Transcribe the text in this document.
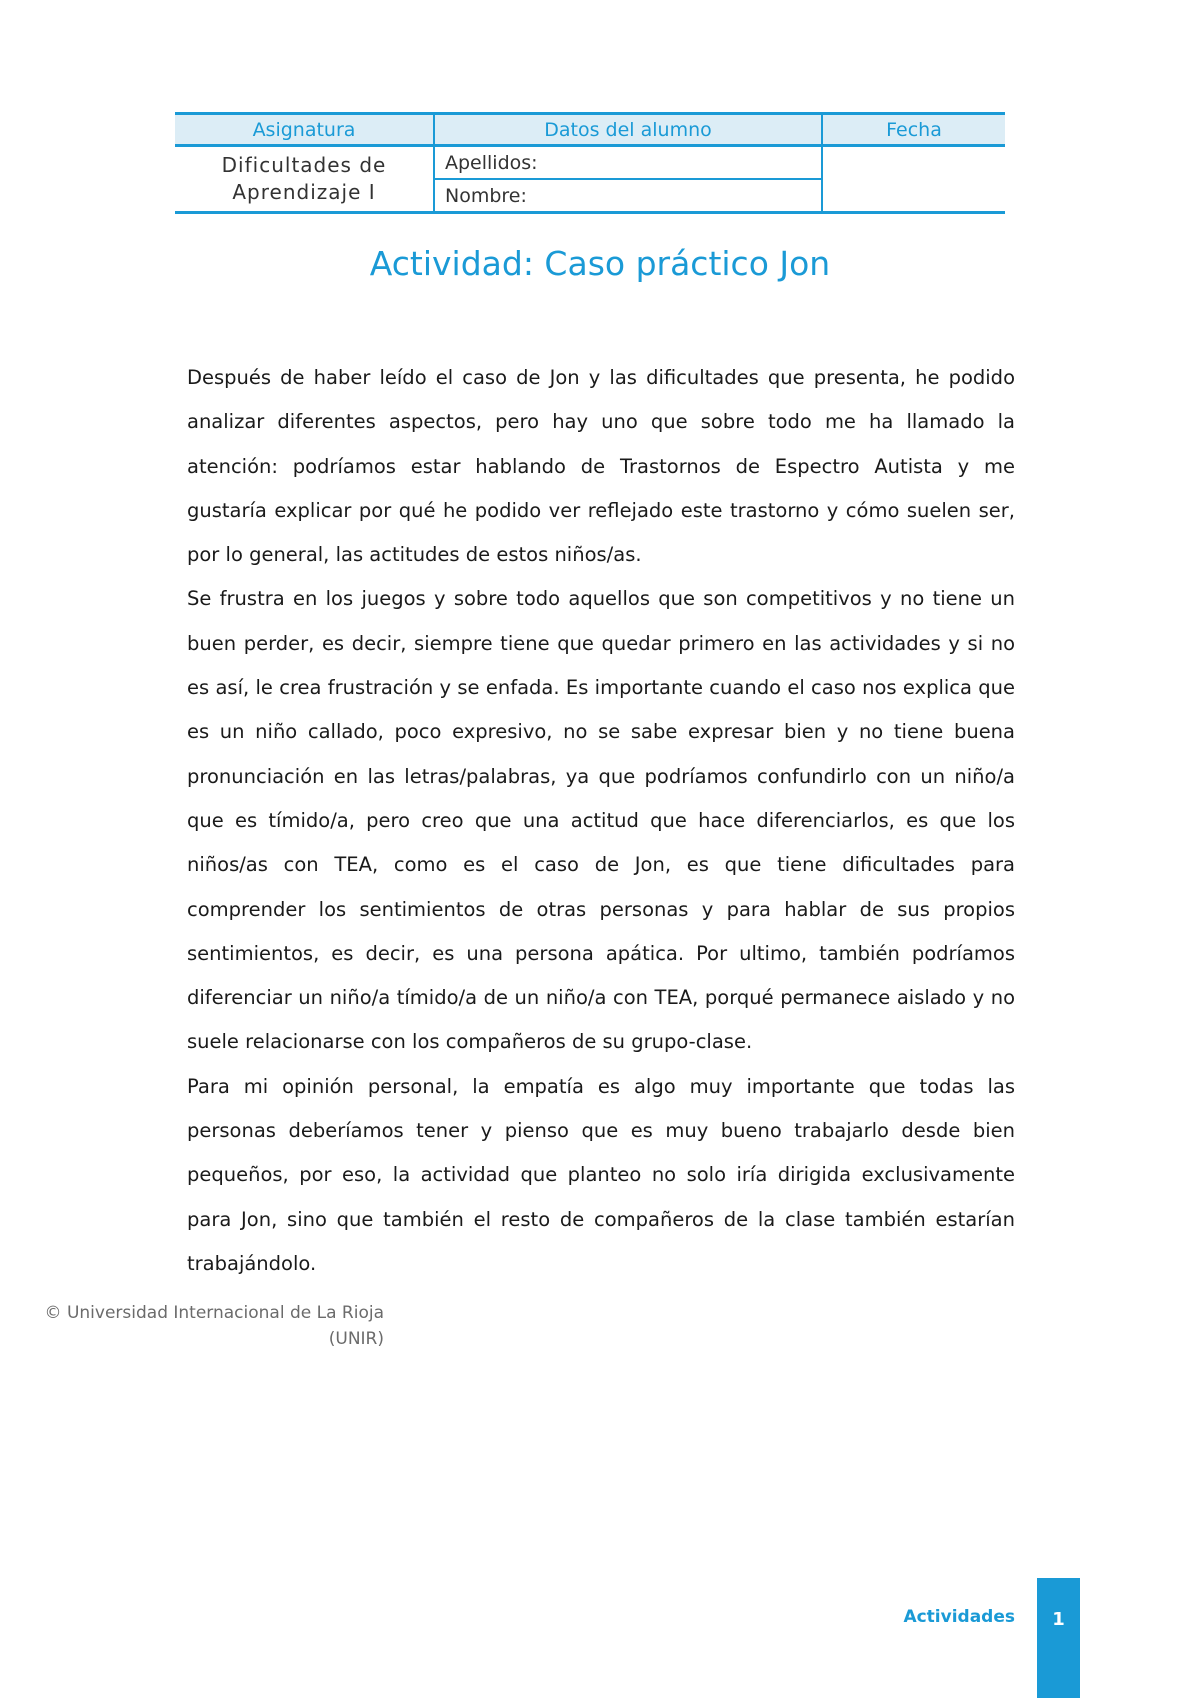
Asignatura	Datos del alumno	Fecha
Dificultades de
Aprendizaje I	Apellidos:	
	Nombre:	
Actividad: Caso práctico Jon

Después de haber leído el caso de Jon y las dificultades que presenta, he podido analizar diferentes aspectos, pero hay uno que sobre todo me ha llamado la atención: podríamos estar hablando de Trastornos de Espectro Autista y me gustaría explicar por qué he podido ver reflejado este trastorno y cómo suelen ser, por lo general, las actitudes de estos niños/as.

Se frustra en los juegos y sobre todo aquellos que son competitivos y no tiene un buen perder, es decir, siempre tiene que quedar primero en las actividades y si no es así, le crea frustración y se enfada. Es importante cuando el caso nos explica que es un niño callado, poco expresivo, no se sabe expresar bien y no tiene buena pronunciación en las letras/palabras, ya que podríamos confundirlo con un niño/a que es tímido/a, pero creo que una actitud que hace diferenciarlos, es que los niños/as con TEA, como es el caso de Jon, es que tiene dificultades para comprender los sentimientos de otras personas y para hablar de sus propios sentimientos, es decir, es una persona apática. Por ultimo, también podríamos diferenciar un niño/a tímido/a de un niño/a con TEA, porqué permanece aislado y no suele relacionarse con los compañeros de su grupo-clase.

Para mi opinión personal, la empatía es algo muy importante que todas las personas deberíamos tener y pienso que es muy bueno trabajarlo desde bien pequeños, por eso, la actividad que planteo no solo iría dirigida exclusivamente para Jon, sino que también el resto de compañeros de la clase también estarían trabajándolo.

© Universidad Internacional de La Rioja
(UNIR)
Actividades	1
